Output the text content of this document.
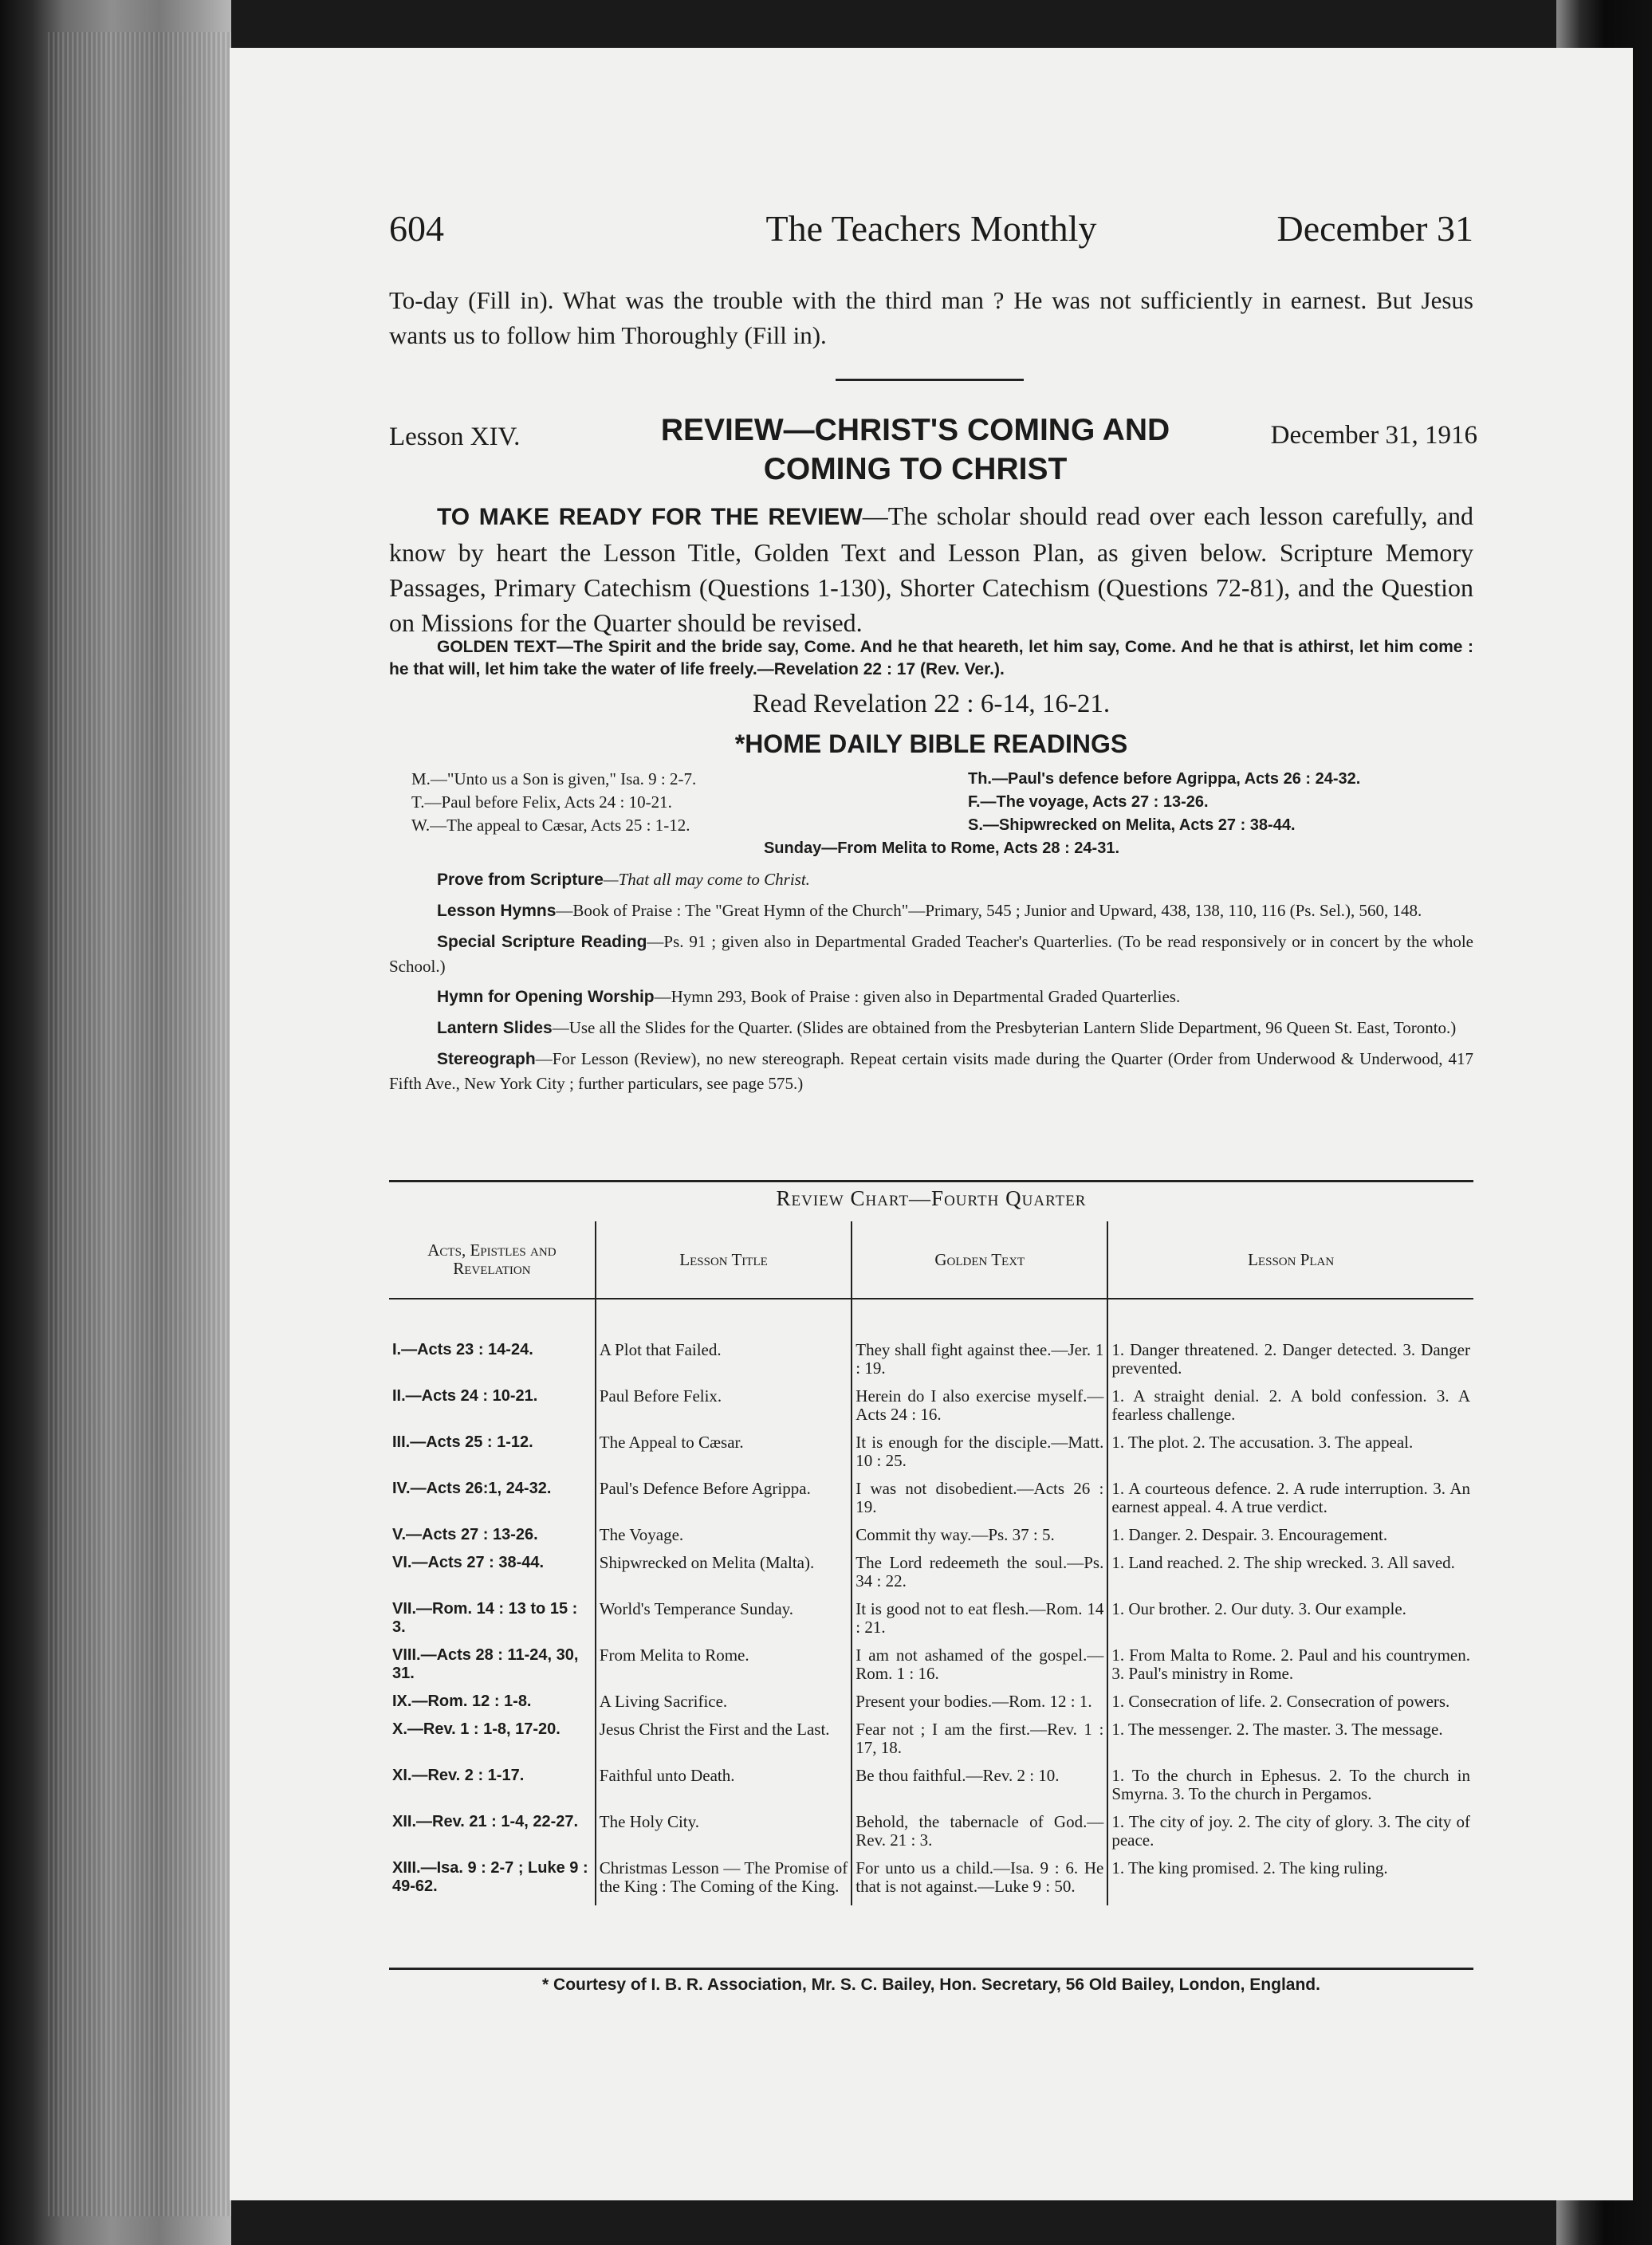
604	The Teachers Monthly	December 31
To-day (Fill in). What was the trouble with the third man ? He was not sufficiently in earnest. But Jesus wants us to follow him Thoroughly (Fill in).
Lesson XIV.	REVIEW—CHRIST'S COMING AND COMING TO CHRIST
December 31, 1916
TO MAKE READY FOR THE REVIEW—The scholar should read over each lesson carefully, and know by heart the Lesson Title, Golden Text and Lesson Plan, as given below. Scripture Memory Passages, Primary Catechism (Questions 1-130), Shorter Catechism (Questions 72-81), and the Question on Missions for the Quarter should be revised.
GOLDEN TEXT—The Spirit and the bride say, Come. And he that heareth, let him say, Come. And he that is athirst, let him come : he that will, let him take the water of life freely.—Revelation 22 : 17 (Rev. Ver.).
Read Revelation 22 : 6-14, 16-21.
*HOME DAILY BIBLE READINGS
M.—"Unto us a Son is given," Isa. 9 : 2-7.	Th.—Paul's defence before Agrippa, Acts 26 : 24-32.
T.—Paul before Felix, Acts 24 : 10-21.	F.—The voyage, Acts 27 : 13-26.
W.—The appeal to Cæsar, Acts 25 : 1-12.	S.—Shipwrecked on Melita, Acts 27 : 38-44.
Sunday—From Melita to Rome, Acts 28 : 24-31.

Prove from Scripture—That all may come to Christ.

Lesson Hymns—Book of Praise : The "Great Hymn of the Church"—Primary, 545 ; Junior and Upward, 438, 138, 110, 116 (Ps. Sel.), 560, 148.

Special Scripture Reading—Ps. 91 ; given also in Departmental Graded Teacher's Quarterlies. (To be read responsively or in concert by the whole School.)

Hymn for Opening Worship—Hymn 293, Book of Praise : given also in Departmental Graded Quarterlies.

Lantern Slides—Use all the Slides for the Quarter. (Slides are obtained from the Presbyterian Lantern Slide Department, 96 Queen St. East, Toronto.)

Stereograph—For Lesson (Review), no new stereograph. Repeat certain visits made during the Quarter (Order from Underwood & Underwood, 417 Fifth Ave., New York City ; further particulars, see page 575.)

Review Chart—Fourth Quarter
Acts, Epistles and Revelation	Lesson Title	Golden Text	Lesson Plan

I.—Acts 23 : 14-24.	A Plot that Failed.	They shall fight against thee.—Jer. 1 : 19.	1. Danger threatened. 2. Danger detected. 3. Danger prevented.
II.—Acts 24 : 10-21.	Paul Before Felix.	Herein do I also exercise myself.—Acts 24 : 16.	1. A straight denial. 2. A bold confession. 3. A fearless challenge.
III.—Acts 25 : 1-12.	The Appeal to Cæsar.	It is enough for the disciple.—Matt. 10 : 25.	1. The plot. 2. The accusation. 3. The appeal.
IV.—Acts 26:1, 24-32.	Paul's Defence Before Agrippa.	I was not disobedient.—Acts 26 : 19.	1. A courteous defence. 2. A rude interruption. 3. An earnest appeal. 4. A true verdict.
V.—Acts 27 : 13-26.	The Voyage.	Commit thy way.—Ps. 37 : 5.	1. Danger. 2. Despair. 3. Encouragement.
VI.—Acts 27 : 38-44.	Shipwrecked on Melita (Malta).	The Lord redeemeth the soul.—Ps. 34 : 22.	1. Land reached. 2. The ship wrecked. 3. All saved.
VII.—Rom. 14 : 13 to 15 : 3.	World's Temperance Sunday.	It is good not to eat flesh.—Rom. 14 : 21.	1. Our brother. 2. Our duty. 3. Our example.
VIII.—Acts 28 : 11-24, 30, 31.	From Melita to Rome.	I am not ashamed of the gospel.—Rom. 1 : 16.	1. From Malta to Rome. 2. Paul and his countrymen. 3. Paul's ministry in Rome.
IX.—Rom. 12 : 1-8.	A Living Sacrifice.	Present your bodies.—Rom. 12 : 1.	1. Consecration of life. 2. Consecration of powers.
X.—Rev. 1 : 1-8, 17-20.	Jesus Christ the First and the Last.	Fear not ; I am the first.—Rev. 1 : 17, 18.	1. The messenger. 2. The master. 3. The message.
XI.—Rev. 2 : 1-17.	Faithful unto Death.	Be thou faithful.—Rev. 2 : 10.	1. To the church in Ephesus. 2. To the church in Smyrna. 3. To the church in Pergamos.
XII.—Rev. 21 : 1-4, 22-27.	The Holy City.	Behold, the tabernacle of God.—Rev. 21 : 3.	1. The city of joy. 2. The city of glory. 3. The city of peace.
XIII.—Isa. 9 : 2-7 ; Luke 9 : 49-62.	Christmas Lesson — The Promise of the King : The Coming of the King.	For unto us a child.—Isa. 9 : 6. He that is not against.—Luke 9 : 50.	1. The king promised. 2. The king ruling.
* Courtesy of I. B. R. Association, Mr. S. C. Bailey, Hon. Secretary, 56 Old Bailey, London, England.
